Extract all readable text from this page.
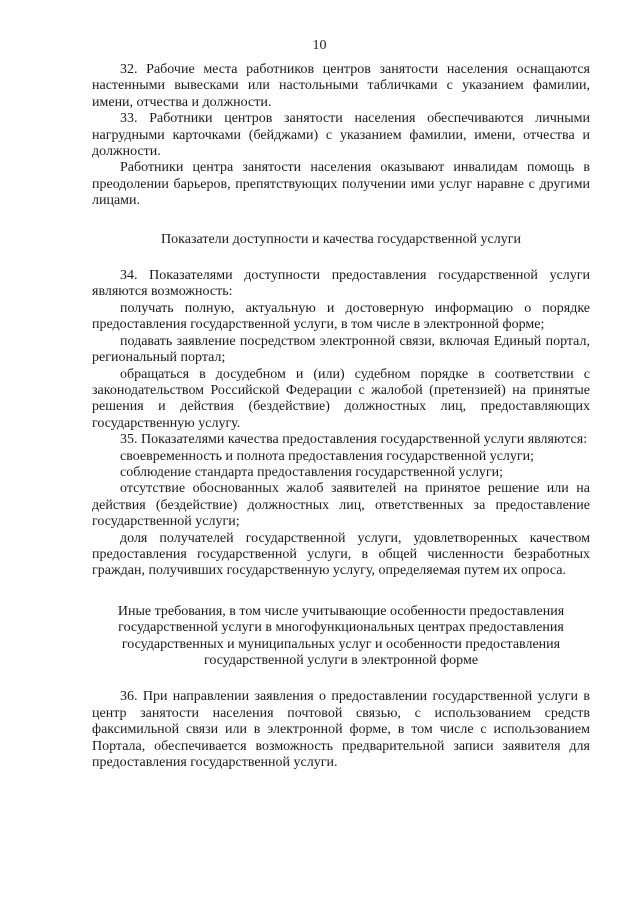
10

32. Рабочие места работников центров занятости населения оснащаются настенными вывесками или настольными табличками с указанием фамилии, имени, отчества и должности.

33. Работники центров занятости населения обеспечиваются личными нагрудными карточками (бейджами) с указанием фамилии, имени, отчества и должности.

Работники центра занятости населения оказывают инвалидам помощь в преодолении барьеров, препятствующих получении ими услуг наравне с другими лицами.

Показатели доступности и качества государственной услуги

34. Показателями доступности предоставления государственной услуги являются возможность:

получать полную, актуальную и достоверную информацию о порядке предоставления государственной услуги, в том числе в электронной форме;

подавать заявление посредством электронной связи, включая Единый портал, региональный портал;

обращаться в досудебном и (или) судебном порядке в соответствии с законодательством Российской Федерации с жалобой (претензией) на принятые решения и действия (бездействие) должностных лиц, предоставляющих государственную услугу.

35. Показателями качества предоставления государственной услуги являются:

своевременность и полнота предоставления государственной услуги;

соблюдение стандарта предоставления государственной услуги;

отсутствие обоснованных жалоб заявителей на принятое решение или на действия (бездействие) должностных лиц, ответственных за предоставление государственной услуги;

доля получателей государственной услуги, удовлетворенных качеством предоставления государственной услуги, в общей численности безработных граждан, получивших государственную услугу, определяемая путем их опроса.

Иные требования, в том числе учитывающие особенности предоставления государственной услуги в многофункциональных центрах предоставления государственных и муниципальных услуг и особенности предоставления государственной услуги в электронной форме

36. При направлении заявления о предоставлении государственной услуги в центр занятости населения почтовой связью, с использованием средств факсимильной связи или в электронной форме, в том числе с использованием Портала, обеспечивается возможность предварительной записи заявителя для предоставления государственной услуги.
